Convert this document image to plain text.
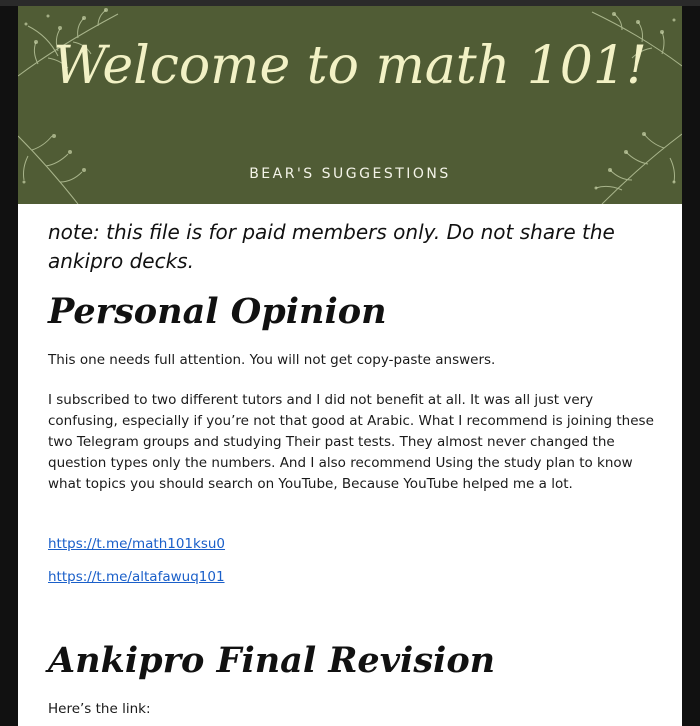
Welcome to math 101!
BEAR'S SUGGESTIONS
note: this file is for paid members only. Do not share the ankipro decks.
Personal Opinion
This one needs full attention. You will not get copy-paste answers.
I subscribed to two different tutors and I did not benefit at all. It was all just very confusing, especially if you’re not that good at Arabic. What I recommend is joining these two Telegram groups and studying Their past tests. They almost never changed the question types only the numbers. And I also recommend Using the study plan to know what topics you should search on YouTube, Because YouTube helped me a lot.
https://t.me/math101ksu0
https://t.me/altafawuq101
Ankipro Final Revision
Here’s the link:
